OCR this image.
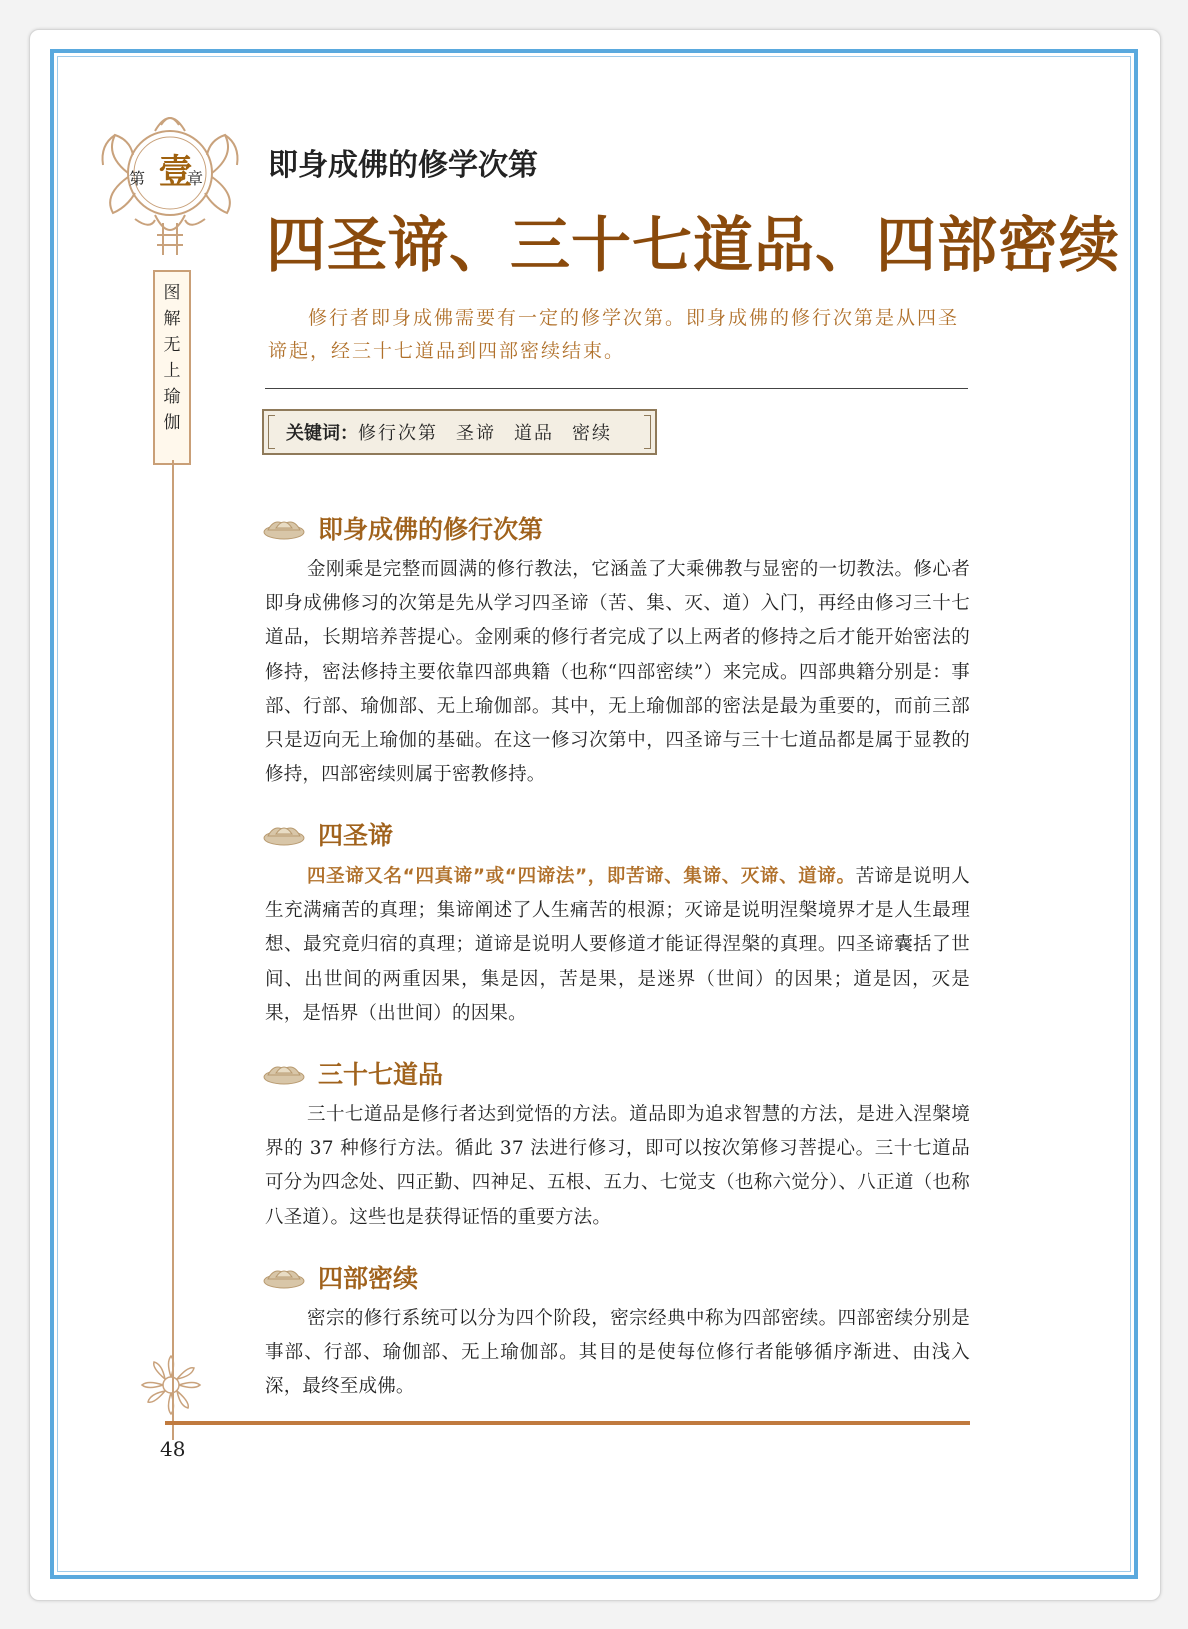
第	章
壹
图
解
无
上
瑜
伽
即身成佛的修学次第
四圣谛、三十七道品、四部密续

修行者即身成佛需要有一定的修学次第。即身成佛的修行次第是从四圣谛起，经三十七道品到四部密续结束。

关键词： 修行次第 圣谛 道品 密续
即身成佛的修行次第

金刚乘是完整而圆满的修行教法，它涵盖了大乘佛教与显密的一切教法。修心者即身成佛修习的次第是先从学习四圣谛（苦、集、灭、道）入门，再经由修习三十七道品，长期培养菩提心。金刚乘的修行者完成了以上两者的修持之后才能开始密法的修持，密法修持主要依靠四部典籍（也称“四部密续”）来完成。四部典籍分别是：事部、行部、瑜伽部、无上瑜伽部。其中，无上瑜伽部的密法是最为重要的，而前三部只是迈向无上瑜伽的基础。在这一修习次第中，四圣谛与三十七道品都是属于显教的修持，四部密续则属于密教修持。

四圣谛

四圣谛又名“四真谛”或“四谛法”，即苦谛、集谛、灭谛、道谛。苦谛是说明人生充满痛苦的真理；集谛阐述了人生痛苦的根源；灭谛是说明涅槃境界才是人生最理想、最究竟归宿的真理；道谛是说明人要修道才能证得涅槃的真理。四圣谛囊括了世间、出世间的两重因果，集是因，苦是果，是迷界（世间）的因果；道是因，灭是果，是悟界（出世间）的因果。

三十七道品

三十七道品是修行者达到觉悟的方法。道品即为追求智慧的方法，是进入涅槃境界的 37 种修行方法。循此 37 法进行修习，即可以按次第修习菩提心。三十七道品可分为四念处、四正勤、四神足、五根、五力、七觉支（也称六觉分）、八正道（也称八圣道）。这些也是获得证悟的重要方法。

四部密续

密宗的修行系统可以分为四个阶段，密宗经典中称为四部密续。四部密续分别是事部、行部、瑜伽部、无上瑜伽部。其目的是使每位修行者能够循序渐进、由浅入深，最终至成佛。

48
